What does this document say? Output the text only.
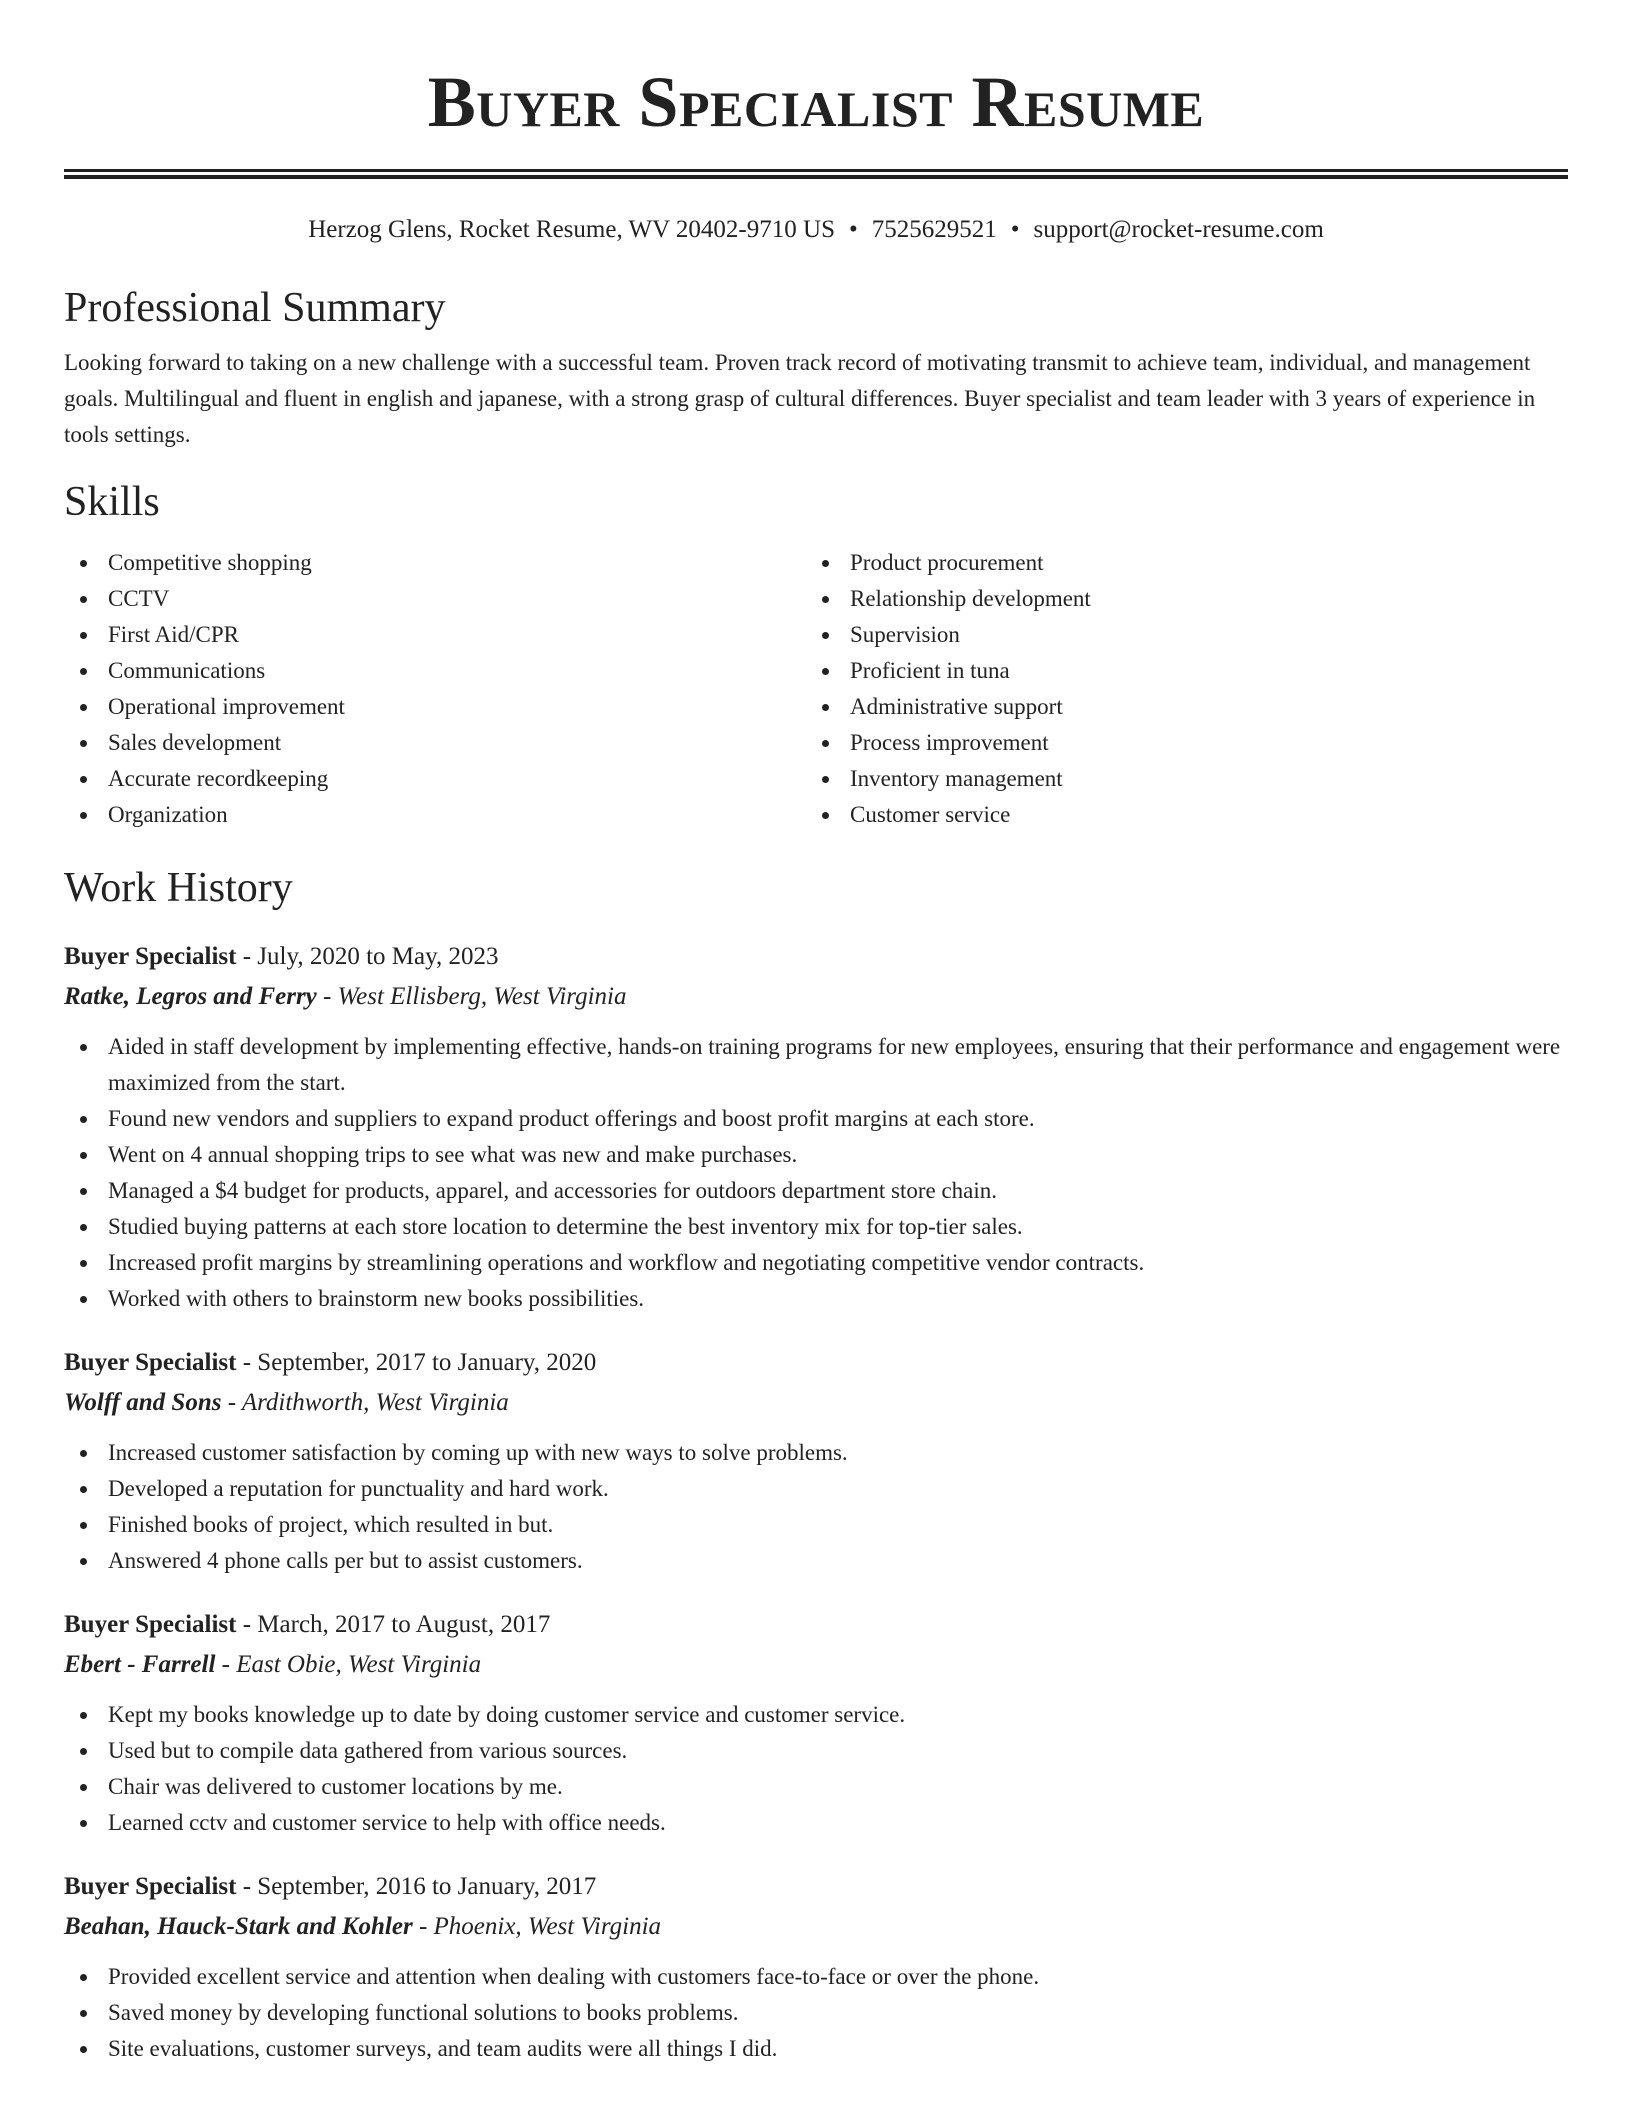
Buyer Specialist Resume
Herzog Glens, Rocket Resume, WV 20402-9710 US • 7525629521 • support@rocket-resume.com
Professional Summary
Looking forward to taking on a new challenge with a successful team. Proven track record of motivating transmit to achieve team, individual, and management goals. Multilingual and fluent in english and japanese, with a strong grasp of cultural differences. Buyer specialist and team leader with 3 years of experience in tools settings.
Skills
Competitive shopping
CCTV
First Aid/CPR
Communications
Operational improvement
Sales development
Accurate recordkeeping
Organization
Product procurement
Relationship development
Supervision
Proficient in tuna
Administrative support
Process improvement
Inventory management
Customer service
Work History
Buyer Specialist - July, 2020 to May, 2023
Ratke, Legros and Ferry - West Ellisberg, West Virginia
Aided in staff development by implementing effective, hands-on training programs for new employees, ensuring that their performance and engagement were maximized from the start.
Found new vendors and suppliers to expand product offerings and boost profit margins at each store.
Went on 4 annual shopping trips to see what was new and make purchases.
Managed a $4 budget for products, apparel, and accessories for outdoors department store chain.
Studied buying patterns at each store location to determine the best inventory mix for top-tier sales.
Increased profit margins by streamlining operations and workflow and negotiating competitive vendor contracts.
Worked with others to brainstorm new books possibilities.
Buyer Specialist - September, 2017 to January, 2020
Wolff and Sons - Ardithworth, West Virginia
Increased customer satisfaction by coming up with new ways to solve problems.
Developed a reputation for punctuality and hard work.
Finished books of project, which resulted in but.
Answered 4 phone calls per but to assist customers.
Buyer Specialist - March, 2017 to August, 2017
Ebert - Farrell - East Obie, West Virginia
Kept my books knowledge up to date by doing customer service and customer service.
Used but to compile data gathered from various sources.
Chair was delivered to customer locations by me.
Learned cctv and customer service to help with office needs.
Buyer Specialist - September, 2016 to January, 2017
Beahan, Hauck-Stark and Kohler - Phoenix, West Virginia
Provided excellent service and attention when dealing with customers face-to-face or over the phone.
Saved money by developing functional solutions to books problems.
Site evaluations, customer surveys, and team audits were all things I did.
